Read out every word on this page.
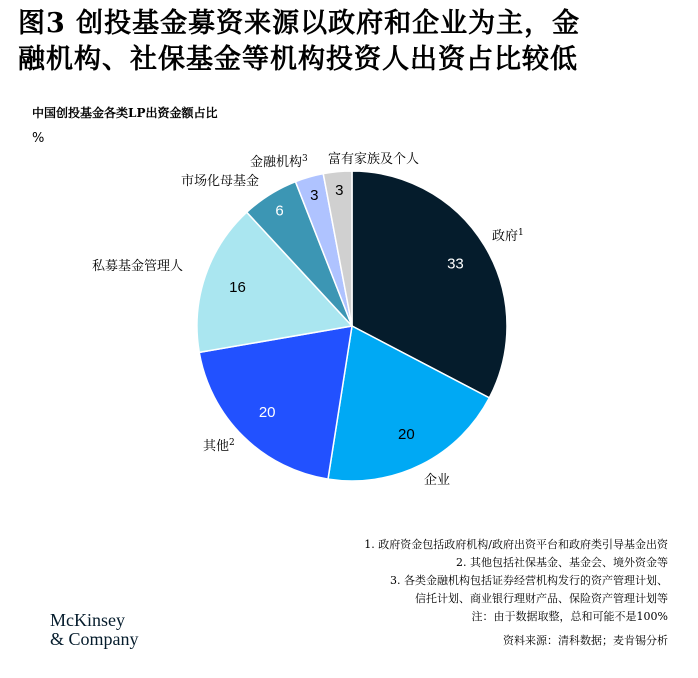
图3 创投基金募资来源以政府和企业为主，金
融机构、社保基金等机构投资人出资占比较低
中国创投基金各类LP出资金额占比
%
33
20
20
16
6
3 3
政府$^1$
企业
其他$^2$
私募基金管理人
市场化母基金
金融机构$^3$ 富有家族及个人
1. 政府资金包括政府机构/政府出资平台和政府类引导基金出资
2. 其他包括社保基金、基金会、境外资金等
3. 各类金融机构包括证券经营机构发行的资产管理计划、
信托计划、商业银行理财产品、保险资产管理计划等
注：由于数据取整，总和可能不是100%
McKinsey
& Company	资料来源：清科数据；麦肯锡分析
